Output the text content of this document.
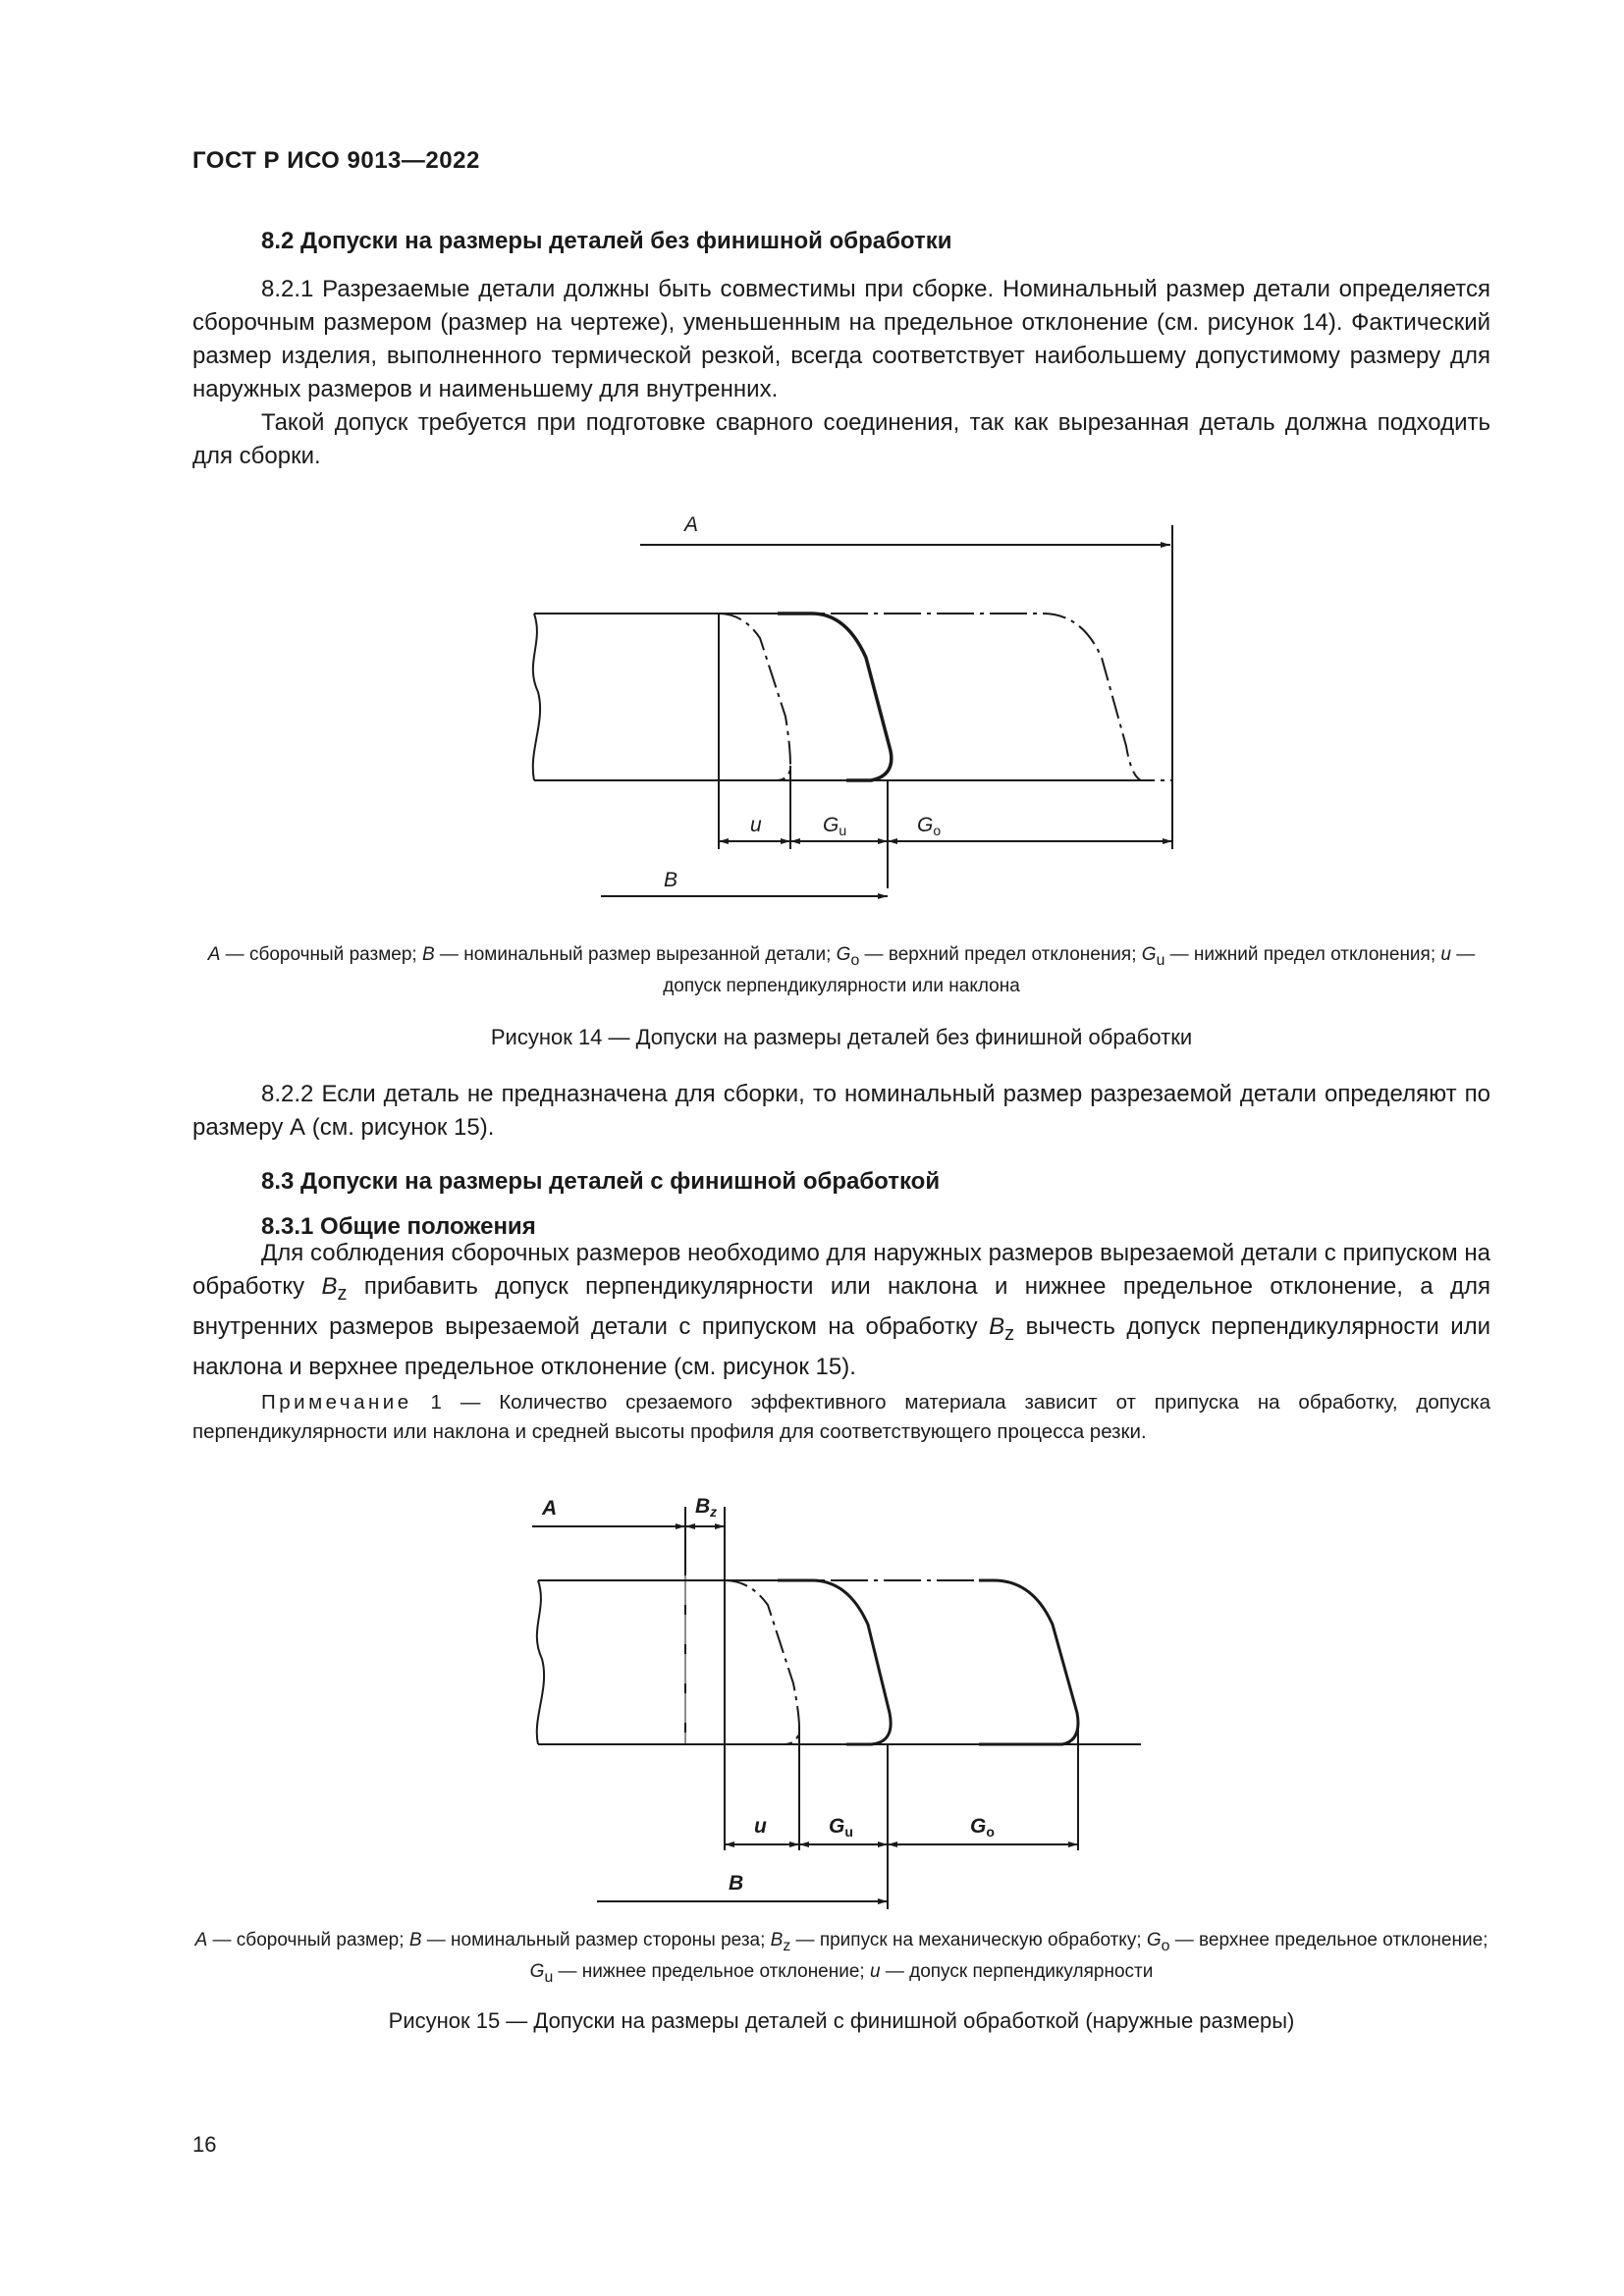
ГОСТ Р ИСО 9013—2022
8.2 Допуски на размеры деталей без финишной обработки

8.2.1 Разрезаемые детали должны быть совместимы при сборке. Номинальный размер детали определяется сборочным размером (размер на чертеже), уменьшенным на предельное отклонение (см. рисунок 14). Фактический размер изделия, выполненного термической резкой, всегда соответствует наибольшему допустимому размеру для наружных размеров и наименьшему для внутренних.

Такой допуск требуется при подготовке сварного соединения, так как вырезанная деталь должна подходить для сборки.

A
u	Gu	Go
B
A — сборочный размер; B — номинальный размер вырезанной детали; $G_o$ — верхний предел отклонения; $G_u$ — нижний предел отклонения; u — допуск перпендикулярности или наклона
Рисунок 14 — Допуски на размеры деталей без финишной обработки

8.2.2 Если деталь не предназначена для сборки, то номинальный размер разрезаемой детали определяют по размеру А (см. рисунок 15).

8.3 Допуски на размеры деталей с финишной обработкой
8.3.1 Общие положения

Для соблюдения сборочных размеров необходимо для наружных размеров вырезаемой детали с припуском на обработку $B_z$ прибавить допуск перпендикулярности или наклона и нижнее предельное отклонение, а для внутренних размеров вырезаемой детали с припуском на обработку $B_z$ вычесть допуск перпендикулярности или наклона и верхнее предельное отклонение (см. рисунок 15).

Примечание 1 — Количество срезаемого эффективного материала зависит от припуска на обработку, допуска перпендикулярности или наклона и средней высоты профиля для соответствующего процесса резки.

A	Bz
u	Gu	Go
B
A — сборочный размер; B — номинальный размер стороны реза; $B_z$ — припуск на механическую обработку; $G_o$ — верхнее предельное отклонение; $G_u$ — нижнее предельное отклонение; u — допуск перпендикулярности
Рисунок 15 — Допуски на размеры деталей с финишной обработкой (наружные размеры)
16
